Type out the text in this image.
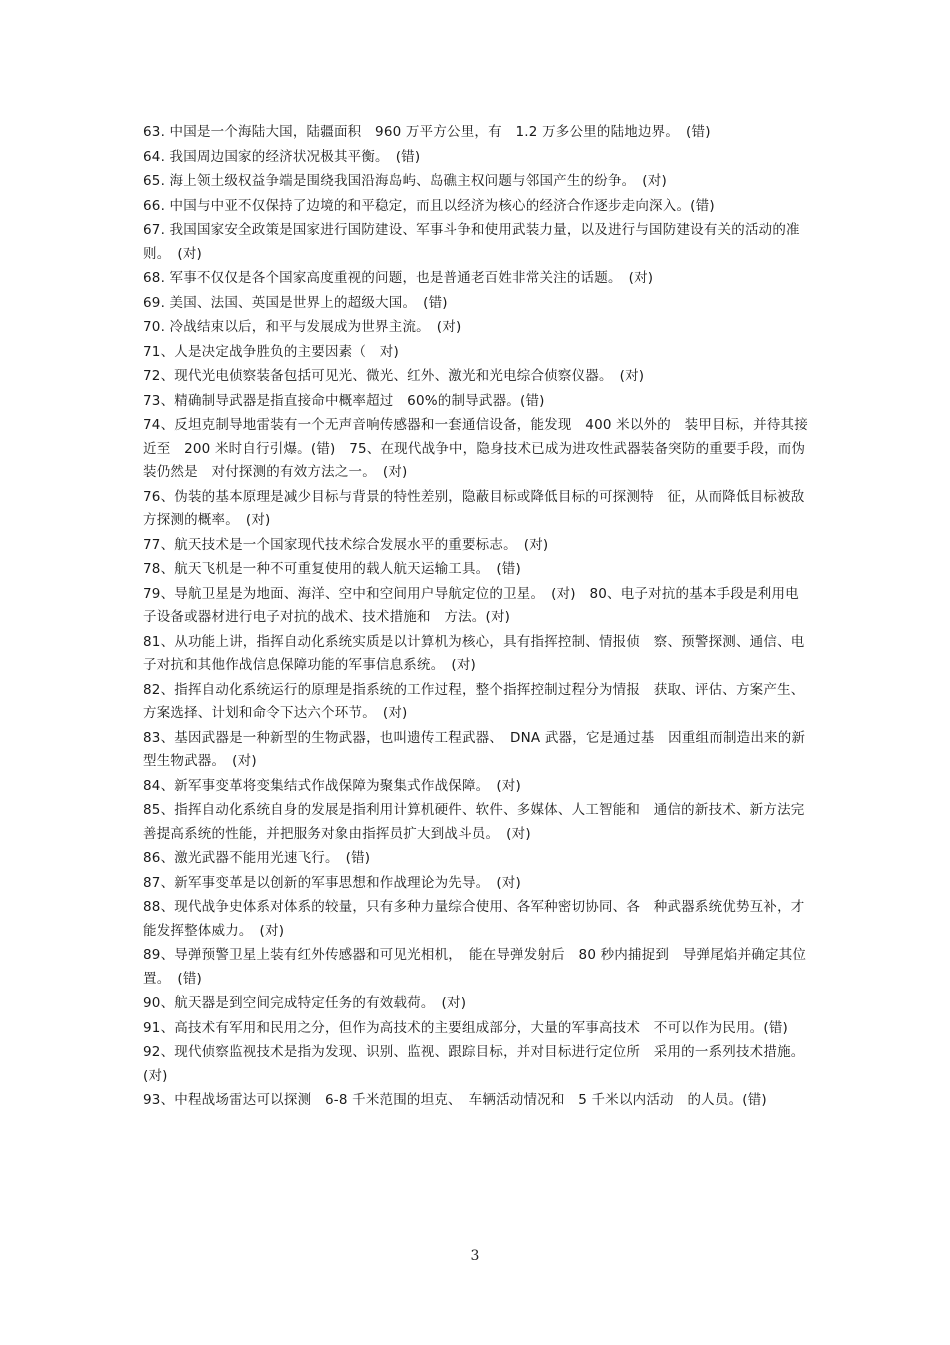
63. 中国是一个海陆大国，陆疆面积　960 万平方公里，有　1.2 万多公里的陆地边界。　(错)
64. 我国周边国家的经济状况极其平衡。　(错)
65. 海上领土级权益争端是围绕我国沿海岛屿、岛礁主权问题与邻国产生的纷争。　(对)
66. 中国与中亚不仅保持了边境的和平稳定，而且以经济为核心的经济合作逐步走向深入。(错)
67. 我国国家安全政策是国家进行国防建设、军事斗争和使用武装力量，以及进行与国防建设有关的活动的准则。　(对)
68. 军事不仅仅是各个国家高度重视的问题，也是普通老百姓非常关注的话题。　(对)
69. 美国、法国、英国是世界上的超级大国。　(错)
70. 冷战结束以后，和平与发展成为世界主流。　(对)
71、人是决定战争胜负的主要因素（　对)
72、现代光电侦察装备包括可见光、微光、红外、激光和光电综合侦察仪器。　(对)
73、精确制导武器是指直接命中概率超过　60%的制导武器。(错)
74、反坦克制导地雷装有一个无声音响传感器和一套通信设备，能发现　400 米以外的　装甲目标，并待其接近至　200 米时自行引爆。(错)　75、在现代战争中，隐身技术已成为进攻性武器装备突防的重要手段，而伪装仍然是　对付探测的有效方法之一。　(对)
76、伪装的基本原理是减少目标与背景的特性差别，隐蔽目标或降低目标的可探测特　征，从而降低目标被敌方探测的概率。　(对)
77、航天技术是一个国家现代技术综合发展水平的重要标志。　(对)
78、航天飞机是一种不可重复使用的载人航天运输工具。　(错)
79、导航卫星是为地面、海洋、空中和空间用户导航定位的卫星。　(对)　80、电子对抗的基本手段是利用电子设备或器材进行电子对抗的战术、技术措施和　方法。(对)
81、从功能上讲，指挥自动化系统实质是以计算机为核心，具有指挥控制、情报侦　察、预警探测、通信、电子对抗和其他作战信息保障功能的军事信息系统。　(对)
82、指挥自动化系统运行的原理是指系统的工作过程，整个指挥控制过程分为情报　获取、评估、方案产生、方案选择、计划和命令下达六个环节。　(对)
83、基因武器是一种新型的生物武器，也叫遗传工程武器、　DNA 武器，它是通过基　因重组而制造出来的新型生物武器。　(对)
84、新军事变革将变集结式作战保障为聚集式作战保障。　(对)
85、指挥自动化系统自身的发展是指利用计算机硬件、软件、多媒体、人工智能和　通信的新技术、新方法完善提高系统的性能，并把服务对象由指挥员扩大到战斗员。　(对)
86、激光武器不能用光速飞行。　(错)
87、新军事变革是以创新的军事思想和作战理论为先导。　(对)
88、现代战争史体系对体系的较量，只有多种力量综合使用、各军种密切协同、各　种武器系统优势互补，才能发挥整体威力。　(对)
89、导弹预警卫星上装有红外传感器和可见光相机，　能在导弹发射后　80 秒内捕捉到　导弹尾焰并确定其位置。　(错)
90、航天器是到空间完成特定任务的有效载荷。　(对)
91、高技术有军用和民用之分，但作为高技术的主要组成部分，大量的军事高技术　不可以作为民用。(错)
92、现代侦察监视技术是指为发现、识别、监视、跟踪目标，并对目标进行定位所　采用的一系列技术措施。　(对)
93、中程战场雷达可以探测　6-8 千米范围的坦克、　车辆活动情况和　5 千米以内活动　的人员。(错)
3
